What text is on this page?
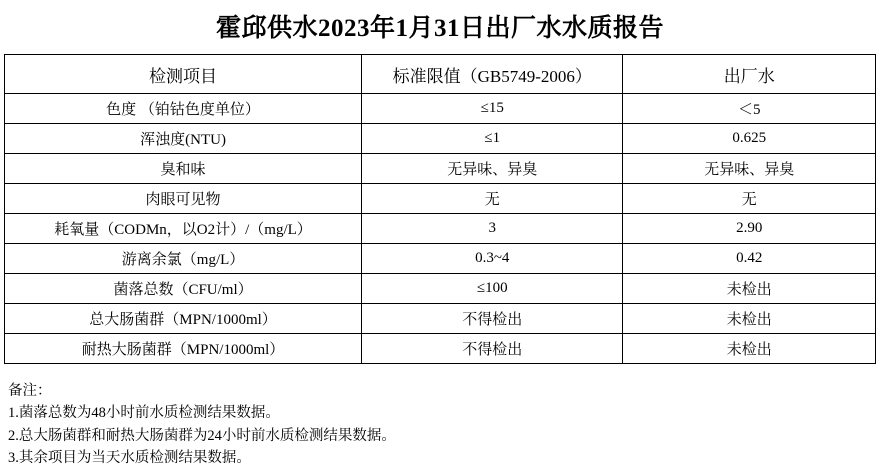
霍邱供水2023年1月31日出厂水水质报告
检测项目	标准限值（GB5749-2006）	出厂水
色度 （铂钴色度单位）	≤15	＜5
浑浊度(NTU)	≤1	0.625
臭和味	无异味、异臭	无异味、异臭
肉眼可见物	无	无
耗氧量（CODMn，以O2计）/（mg/L）	3	2.90
游离余氯（mg/L）	0.3~4	0.42
菌落总数（CFU/ml）	≤100	未检出
总大肠菌群（MPN/1000ml）	不得检出	未检出
耐热大肠菌群（MPN/1000ml）	不得检出	未检出
备注：
1.菌落总数为48小时前水质检测结果数据。
2.总大肠菌群和耐热大肠菌群为24小时前水质检测结果数据。
3.其余项目为当天水质检测结果数据。
